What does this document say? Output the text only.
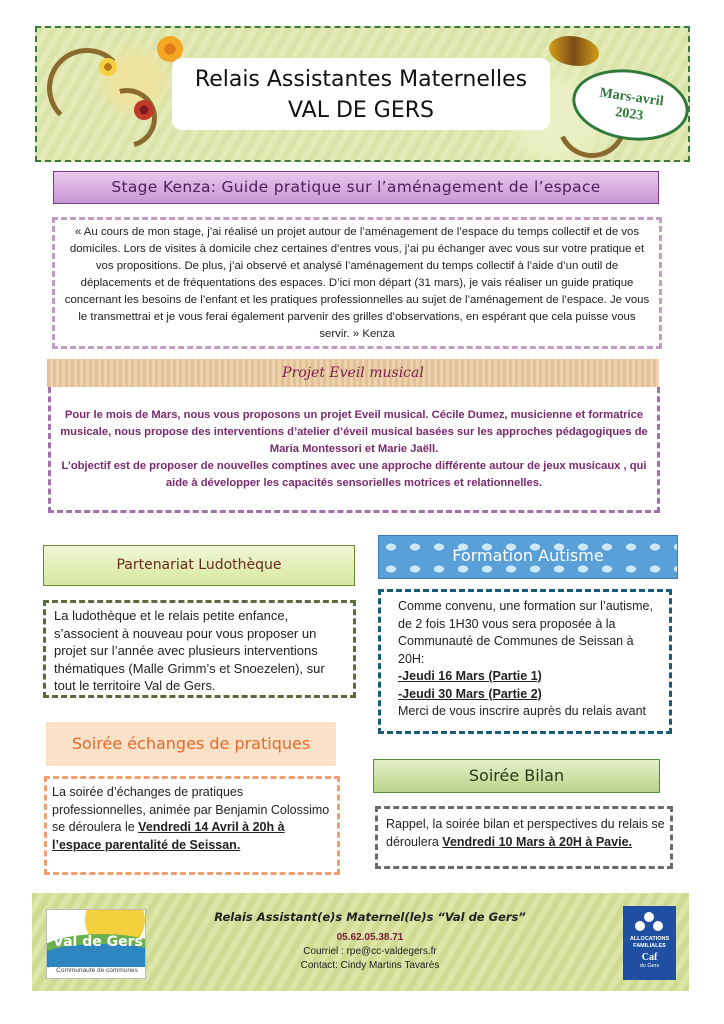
Relais Assistantes Maternelles
VAL DE GERS
Mars-avril
2023
Stage Kenza: Guide pratique sur l’aménagement de l’espace
« Au cours de mon stage, j’ai réalisé un projet autour de l’aménagement de l’espace du temps collectif et de vos domiciles. Lors de visites à domicile chez certaines d’entres vous, j’ai pu échanger avec vous sur votre pratique et vos propositions. De plus, j’ai observé et analysé l’aménagement du temps collectif à l’aide d’un outil de déplacements et de fréquentations des espaces. D’ici mon départ (31 mars), je vais réaliser un guide pratique concernant les besoins de l’enfant et les pratiques professionnelles au sujet de l’aménagement de l’espace. Je vous le transmettrai et je vous ferai également parvenir des grilles d’observations, en espérant que cela puisse vous servir. » Kenza
Projet Eveil musical
Pour le mois de Mars, nous vous proposons un projet Eveil musical. Cécile Dumez, musicienne et formatrice musicale, nous propose des interventions d’atelier d’éveil musical basées sur les approches pédagogiques de Maria Montessori et Marie Jaëll.
L’objectif est de proposer de nouvelles comptines avec une approche différente autour de jeux musicaux , qui aide à développer les capacités sensorielles motrices et relationnelles.
Partenariat Ludothèque
La ludothèque et le relais petite enfance, s’associent à nouveau pour vous proposer un projet sur l’année avec plusieurs interventions thématiques (Malle Grimm’s et Snoezelen), sur tout le territoire Val de Gers.
Soirée échanges de pratiques
La soirée d’échanges de pratiques professionnelles, animée par Benjamin Colossimo se déroulera le Vendredi 14 Avril à 20h à l’espace parentalité de Seissan.
Formation Autisme
Comme convenu, une formation sur l’autisme, de 2 fois 1H30 vous sera proposée à la Communauté de Communes de Seissan à 20H:
-Jeudi 16 Mars (Partie 1)
-Jeudi 30 Mars (Partie 2)
Merci de vous inscrire auprès du relais avant
Soirée Bilan
Rappel, la soirée bilan et perspectives du relais se déroulera Vendredi 10 Mars à 20H à Pavie.
Val de Gers
Communauté de communes
Relais Assistant(e)s Maternel(le)s “Val de Gers”
05.62.05.38.71
Courriel : rpe@cc-valdegers.fr
Contact: Cindy Martins Tavarès
ALLOCATIONS FAMILIALES
Caf
du Gers
